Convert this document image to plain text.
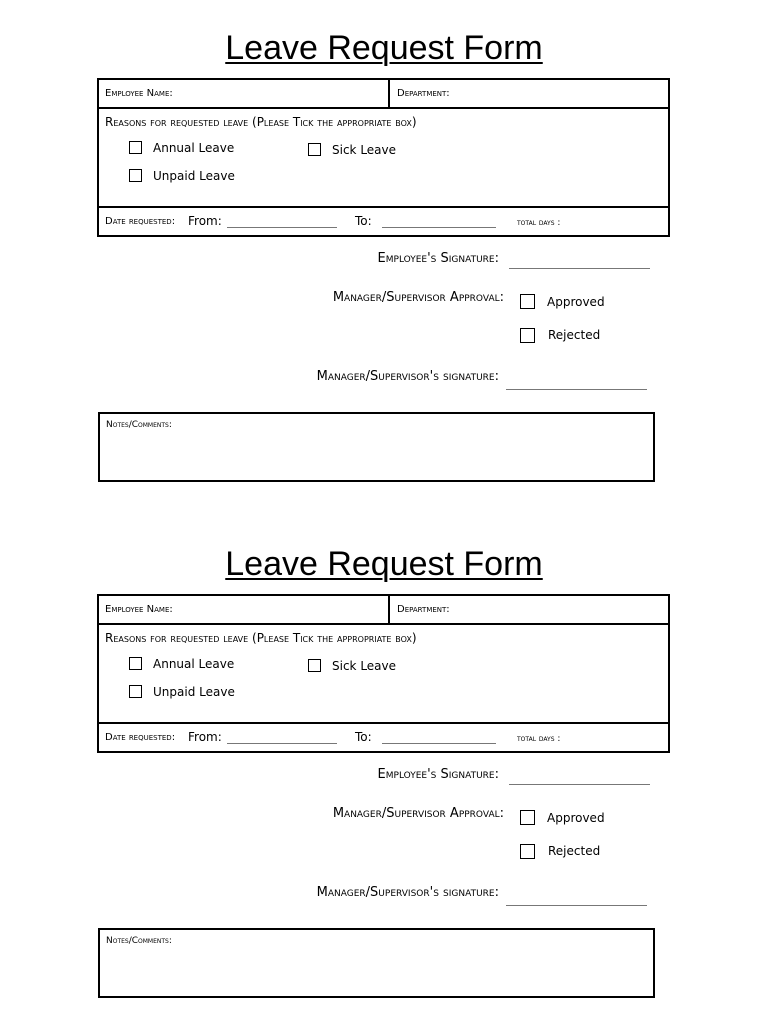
Leave Request Form
Employee Name:	Department:
Reasons for requested leave (Please Tick the appropriate box)
Annual Leave	Sick Leave
Unpaid Leave
Date requested: From:	To:	total days :
Employee's Signature:
Manager/Supervisor Approval:	Approved
Rejected
Manager/Supervisor's signature:
Notes/Comments:
Leave Request Form
Employee Name:	Department:
Reasons for requested leave (Please Tick the appropriate box)
Annual Leave	Sick Leave
Unpaid Leave
Date requested: From:	To:	total days :
Employee's Signature:
Manager/Supervisor Approval:	Approved
Rejected
Manager/Supervisor's signature:
Notes/Comments:
